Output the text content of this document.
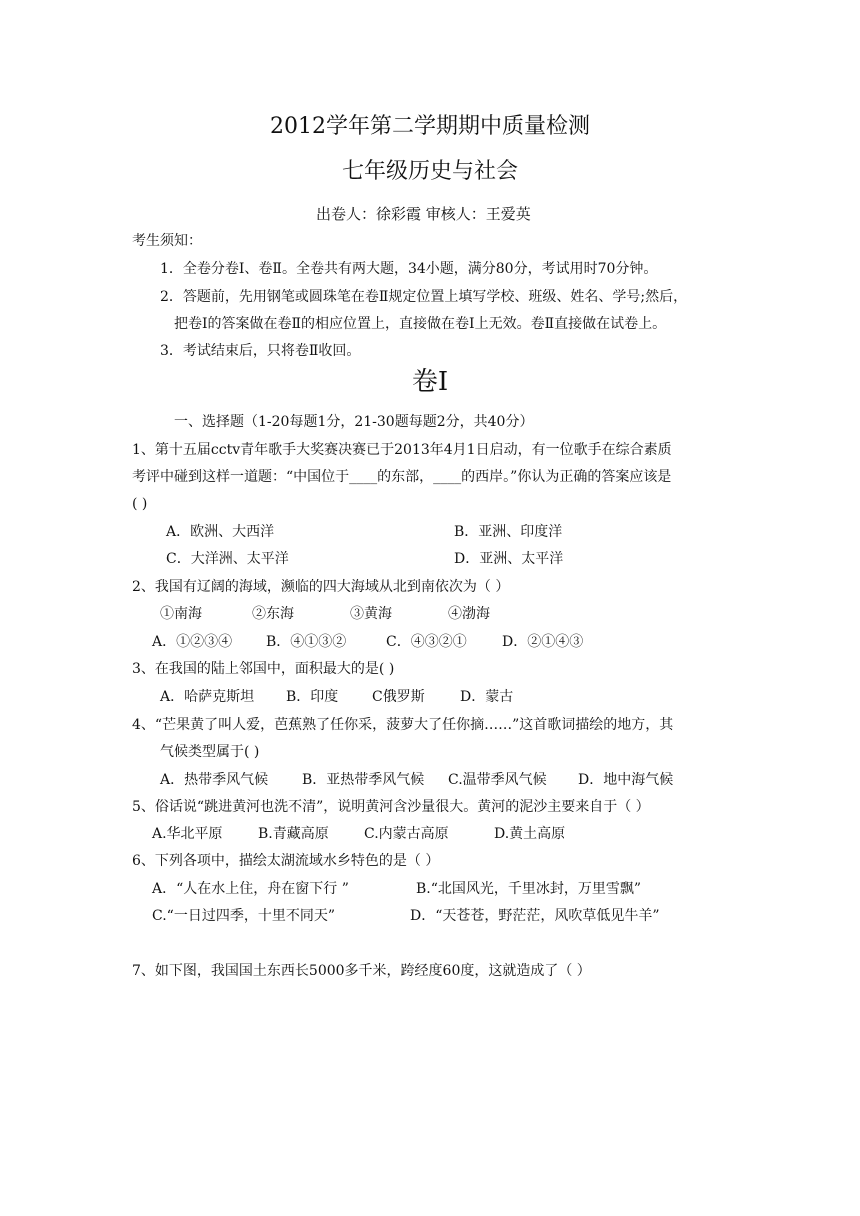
2012学年第二学期期中质量检测
七年级历史与社会
出卷人：徐彩霞 审核人：王爱英
考生须知：
1．全卷分卷Ⅰ、卷Ⅱ。全卷共有两大题，34小题，满分80分，考试用时70分钟。
2．答题前，先用钢笔或圆珠笔在卷Ⅱ规定位置上填写学校、班级、姓名、学号;然后，
把卷Ⅰ的答案做在卷Ⅱ的相应位置上，直接做在卷Ⅰ上无效。卷Ⅱ直接做在试卷上。
3．考试结束后，只将卷Ⅱ收回。
卷Ⅰ
一、选择题（1-20每题1分，21-30题每题2分，共40分）
1、第十五届cctv青年歌手大奖赛决赛已于2013年4月1日启动，有一位歌手在综合素质
考评中碰到这样一道题：“中国位于____的东部，____的西岸。”你认为正确的答案应该是
( )
A．欧洲、大西洋	B．亚洲、印度洋
C．大洋洲、太平洋	D．亚洲、太平洋
2、我国有辽阔的海域，濒临的四大海域从北到南依次为（ ）
①南海	②东海	③黄海	④渤海
A．①②③④ B．④①③②	C．④③②①	D．②①④③
3、在我国的陆上邻国中，面积最大的是( )
A．哈萨克斯坦 B．印度 C俄罗斯	D．蒙古
4、“芒果黄了叫人爱，芭蕉熟了任你采，菠萝大了任你摘……”这首歌词描绘的地方，其
气候类型属于( )
A．热带季风气候 B．亚热带季风气候 C.温带季风气候 D．地中海气候
5、俗话说“跳进黄河也洗不清”，说明黄河含沙量很大。黄河的泥沙主要来自于（ ）
A.华北平原	B.青藏高原	C.内蒙古高原	D.黄土高原
6、下列各项中，描绘太湖流域水乡特色的是（ ）
A．“人在水上住，舟在窗下行 ”	B.“北国风光，千里冰封，万里雪飘”
C.“一日过四季，十里不同天”	D．“天苍苍，野茫茫，风吹草低见牛羊”
7、如下图，我国国土东西长5000多千米，跨经度60度，这就造成了（ ）
